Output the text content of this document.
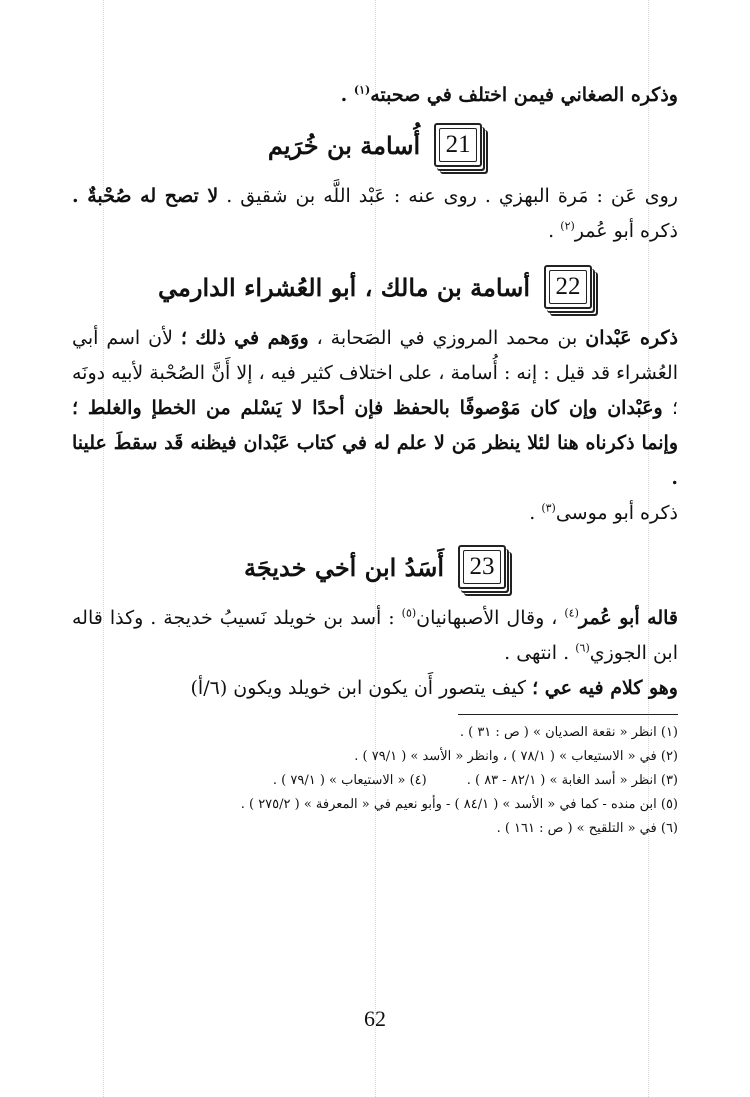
وذكره الصغاني فيمن اختلف في صحبته$^{(١)}$ .

21
أُسامة بن خُرَيم

روى عَن : مَرة البهزي . روى عنه : عَبْد اللَّه بن شقيق . لا تصح له صُحْبةٌ . ذكره أبو عُمر$^{(٢)}$ .

22
أسامة بن مالك ، أبو العُشراء الدارمي

ذكره عَبْدان بن محمد المروزي في الصَحابة ، ووَهم في ذلك ؛ لأن اسم أبي العُشراء قد قيل : إنه : أُسامة ، على اختلاف كثير فيه ، إلا أَنَّ الصُحْبة لأبيه دونَه ؛ وعَبْدان وإن كان مَوْصوفًا بالحفظ فإن أحدًا لا يَسْلم من الخطإ والغلط ؛ وإنما ذكرناه هنا لئلا ينظر مَن لا علم له في كتاب عَبْدان فيظنه قَد سقطَ علينا .

ذكره أبو موسى$^{(٣)}$ .

23
أَسَدُ ابن أخي خديجَة

قاله أبو عُمر$^{(٤)}$ ، وقال الأصبهانيان$^{(٥)}$ : أسد بن خويلد نَسيبُ خديجة . وكذا قاله ابن الجوزي$^{(٦)}$ . انتهى .

وهو كلام فيه عي ؛ كيف يتصور أَن يكون ابن خويلد ويكون (٦/أ)

(١) انظر « نقعة الصديان » ( ص : ٣١ ) .

(٢) في « الاستيعاب » ( ٧٨/١ ) ، وانظر « الأسد » ( ٧٩/١ ) .

(٣) انظر « أسد الغابة » ( ٨٢/١ - ٨٣ ) .
(٤) « الاستيعاب » ( ٧٩/١ ) .

(٥) ابن منده - كما في « الأسد » ( ٨٤/١ ) - وأبو نعيم في « المعرفة » ( ٢٧٥/٢ ) .

(٦) في « التلقيح » ( ص : ١٦١ ) .

62
